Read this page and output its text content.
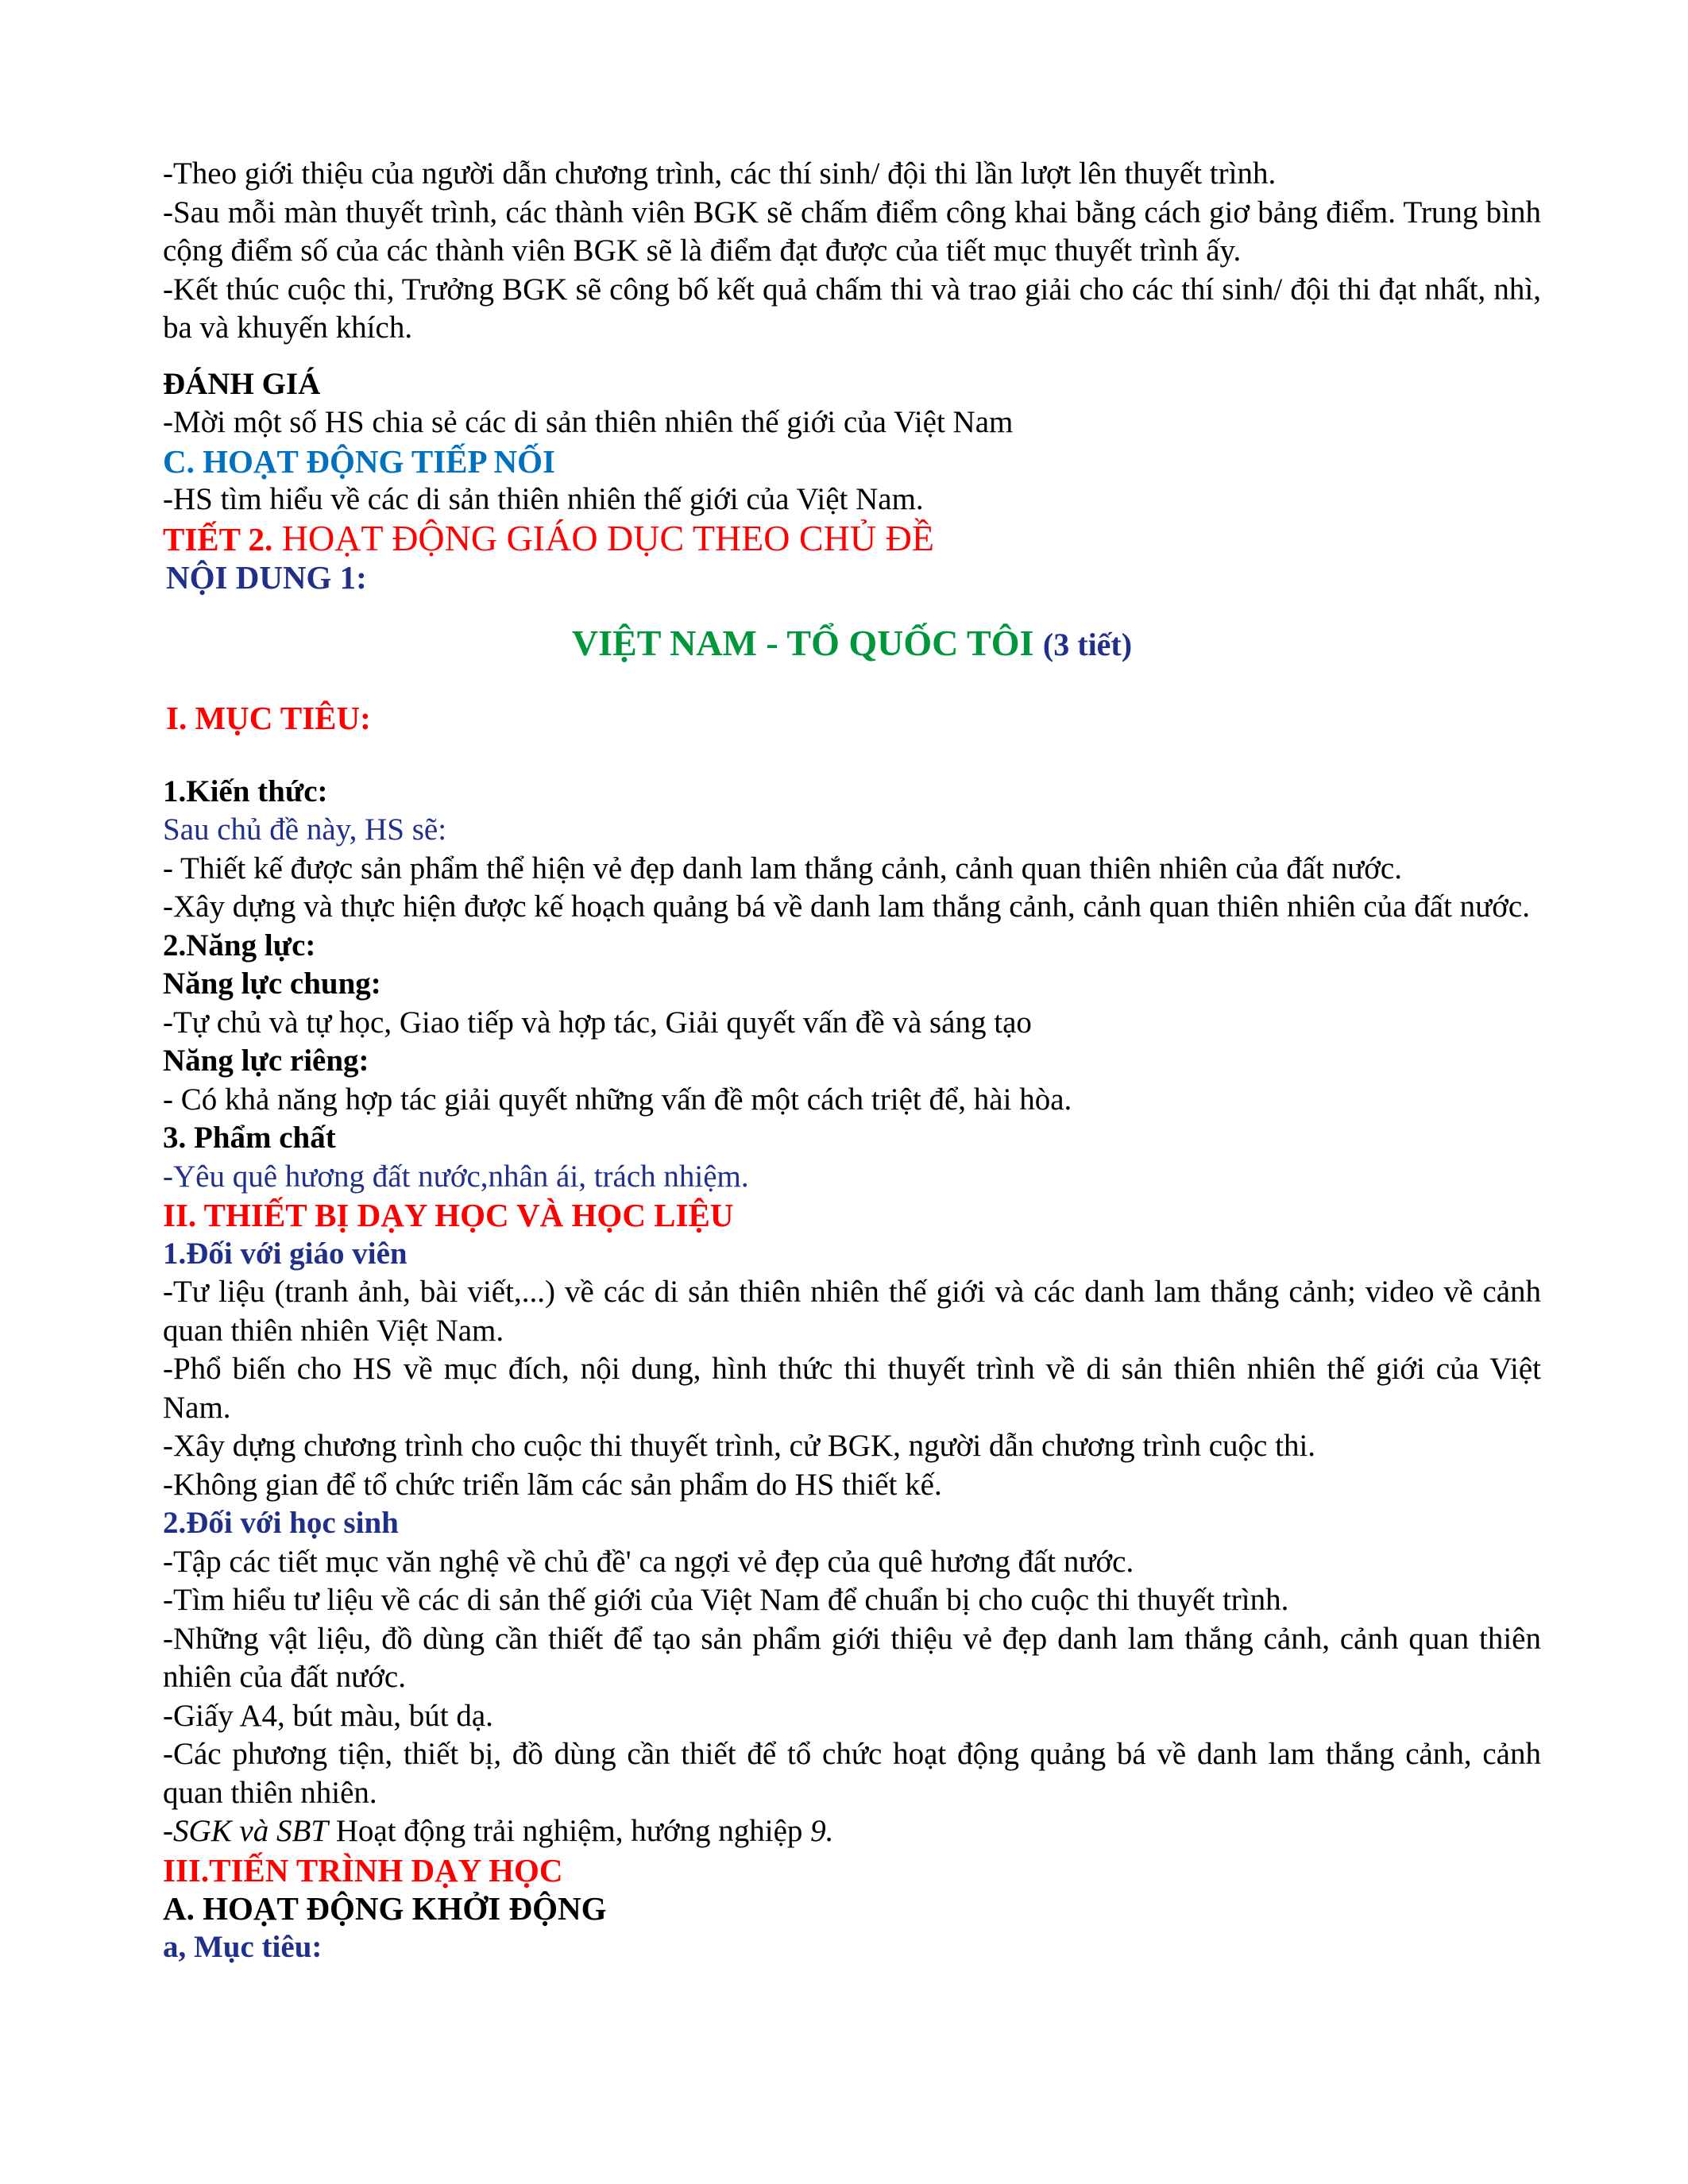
-Theo giới thiệu của người dẫn chương trình, các thí sinh/ đội thi lần lượt lên thuyết trình.

-Sau mỗi màn thuyết trình, các thành viên BGK sẽ chấm điểm công khai bằng cách giơ bảng điểm. Trung bình cộng điểm số của các thành viên BGK sẽ là điểm đạt được của tiết mục thuyết trình ấy.

-Kết thúc cuộc thi, Trưởng BGK sẽ công bố kết quả chấm thi và trao giải cho các thí sinh/ đội thi đạt nhất, nhì, ba và khuyến khích.

ĐÁNH GIÁ

-Mời một số HS chia sẻ các di sản thiên nhiên thế giới của Việt Nam

C. HOẠT ĐỘNG TIẾP NỐI

-HS tìm hiểu về các di sản thiên nhiên thế giới của Việt Nam.

TIẾT 2. HOẠT ĐỘNG GIÁO DỤC THEO CHỦ ĐỀ

NỘI DUNG 1:

VIỆT NAM - TỔ QUỐC TÔI (3 tiết)

I. MỤC TIÊU:

1.Kiến thức:

Sau chủ đề này, HS sẽ:

- Thiết kế được sản phẩm thể hiện vẻ đẹp danh lam thắng cảnh, cảnh quan thiên nhiên của đất nước.

-Xây dựng và thực hiện được kế hoạch quảng bá về danh lam thắng cảnh, cảnh quan thiên nhiên của đất nước.

2.Năng lực:

Năng lực chung:

-Tự chủ và tự học, Giao tiếp và hợp tác, Giải quyết vấn đề và sáng tạo

Năng lực riêng:

- Có khả năng hợp tác giải quyết những vấn đề một cách triệt để, hài hòa.

3. Phẩm chất

-Yêu quê hương đất nước,nhân ái, trách nhiệm.

II. THIẾT BỊ DẠY HỌC VÀ HỌC LIỆU

1.Đối với giáo viên

-Tư liệu (tranh ảnh, bài viết,...) về các di sản thiên nhiên thế giới và các danh lam thắng cảnh; video về cảnh quan thiên nhiên Việt Nam.

-Phổ biến cho HS về mục đích, nội dung, hình thức thi thuyết trình về di sản thiên nhiên thế giới của Việt Nam.

-Xây dựng chương trình cho cuộc thi thuyết trình, cử BGK, người dẫn chương trình cuộc thi.

-Không gian để tổ chức triển lãm các sản phẩm do HS thiết kế.

2.Đối với học sinh

-Tập các tiết mục văn nghệ về chủ đề' ca ngợi vẻ đẹp của quê hương đất nước.

-Tìm hiểu tư liệu về các di sản thế giới của Việt Nam để chuẩn bị cho cuộc thi thuyết trình.

-Những vật liệu, đồ dùng cần thiết để tạo sản phẩm giới thiệu vẻ đẹp danh lam thắng cảnh, cảnh quan thiên nhiên của đất nước.

-Giấy A4, bút màu, bút dạ.

-Các phương tiện, thiết bị, đồ dùng cần thiết để tổ chức hoạt động quảng bá về danh lam thắng cảnh, cảnh quan thiên nhiên.

-SGK và SBT Hoạt động trải nghiệm, hướng nghiệp 9.

III.TIẾN TRÌNH DẠY HỌC

A. HOẠT ĐỘNG KHỞI ĐỘNG

a, Mục tiêu:
